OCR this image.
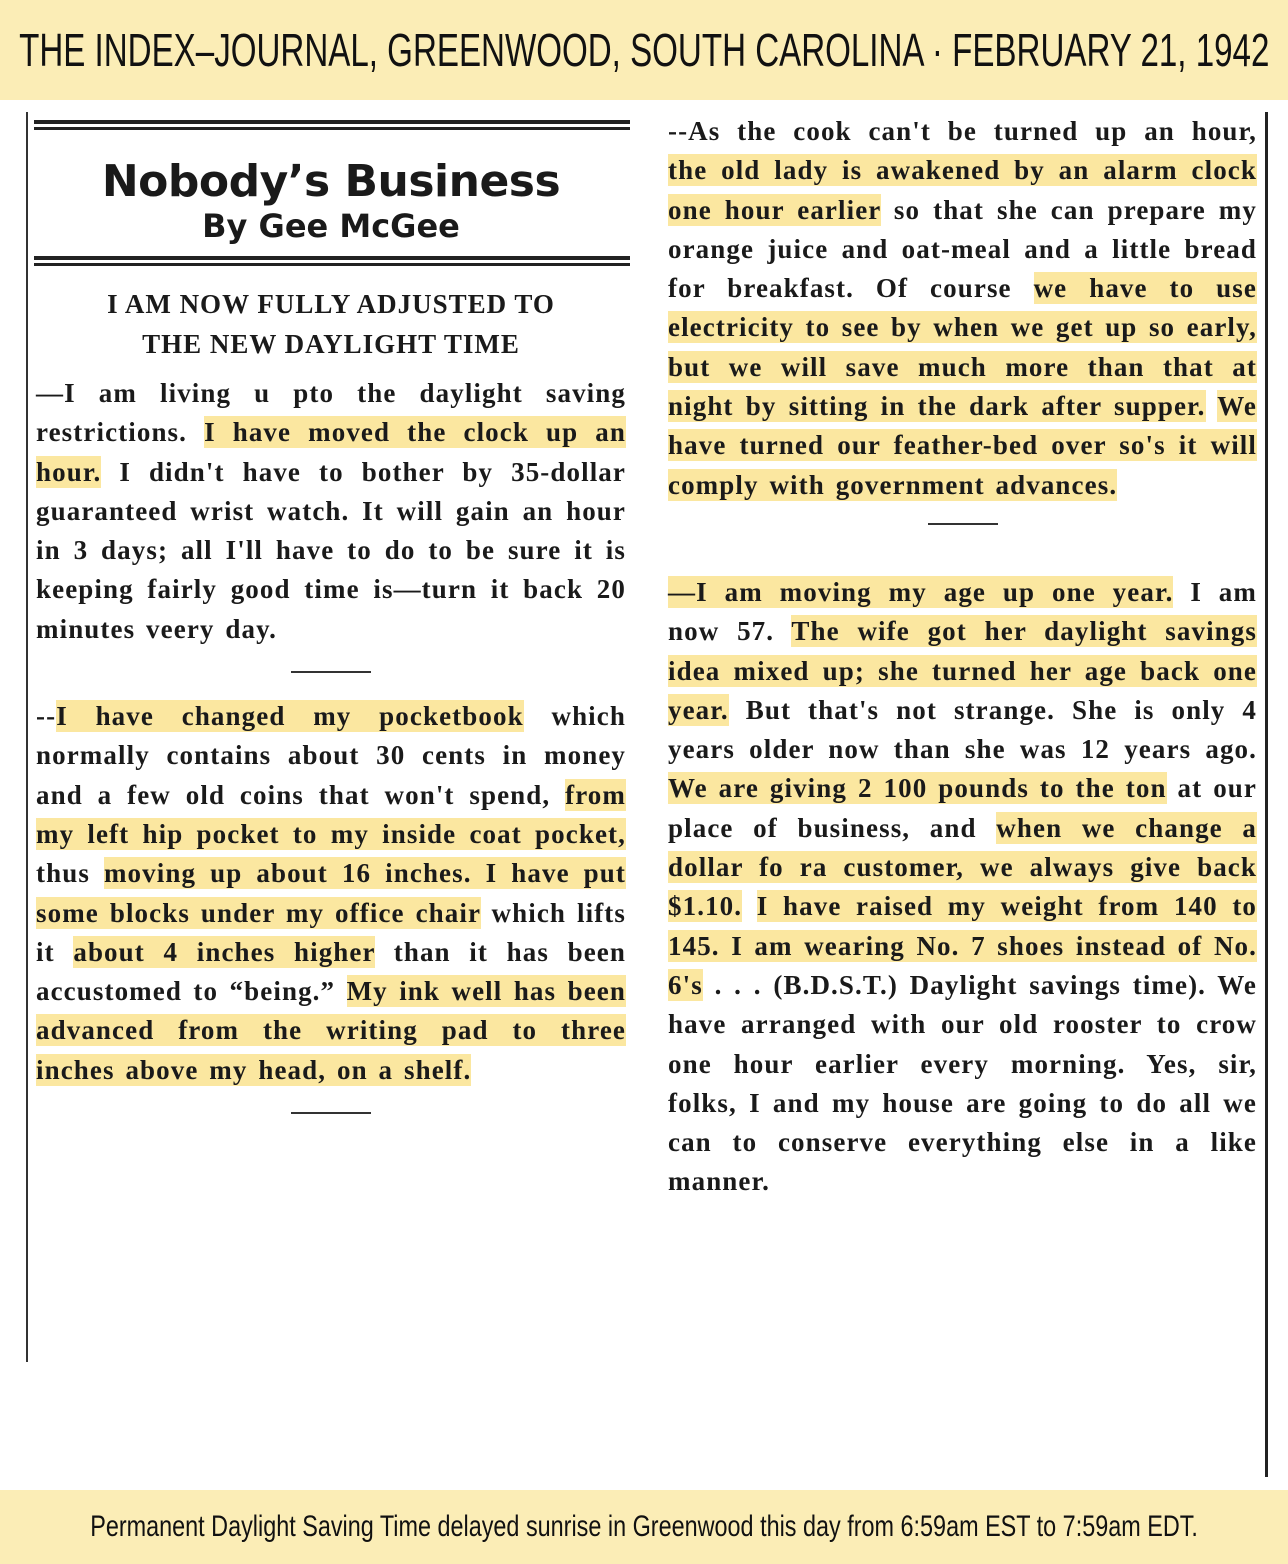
THE INDEX–JOURNAL, GREENWOOD, SOUTH CAROLINA · FEBRUARY 21, 1942
Nobody’s Business
By Gee McGee
I AM NOW FULLY ADJUSTED TO
THE NEW DAYLIGHT TIME

—I am living u pto the daylight saving restrictions. I have moved the clock up an hour. I didn't have to bother by 35-dollar guaranteed wrist watch. It will gain an hour in 3 days; all I'll have to do to be sure it is keeping fairly good time is—turn it back 20 minutes veery day.

--I have changed my pocketbook which normally contains about 30 cents in money and a few old coins that won't spend, from my left hip pocket to my inside coat pocket, thus moving up about 16 inches. I have put some blocks under my office chair which lifts it about 4 inches higher than it has been accustomed to “being.” My ink well has been advanced from the writing pad to three inches above my head, on a shelf.

--As the cook can't be turned up an hour, the old lady is awakened by an alarm clock one hour earlier so that she can prepare my orange juice and oat-meal and a little bread for breakfast. Of course we have to use electricity to see by when we get up so early, but we will save much more than that at night by sitting in the dark after supper. We have turned our feather-bed over so's it will comply with government advances.

—I am moving my age up one year. I am now 57. The wife got her daylight savings idea mixed up; she turned her age back one year. But that's not strange. She is only 4 years older now than she was 12 years ago. We are giving 2 100 pounds to the ton at our place of business, and when we change a dollar fo ra customer, we always give back $1.10. I have raised my weight from 140 to 145. I am wearing No. 7 shoes instead of No. 6's . . . (B.D.S.T.) Daylight savings time). We have arranged with our old rooster to crow one hour earlier every morning. Yes, sir, folks, I and my house are going to do all we can to conserve everything else in a like manner.

Permanent Daylight Saving Time delayed sunrise in Greenwood this day from 6:59am EST to 7:59am EDT.
